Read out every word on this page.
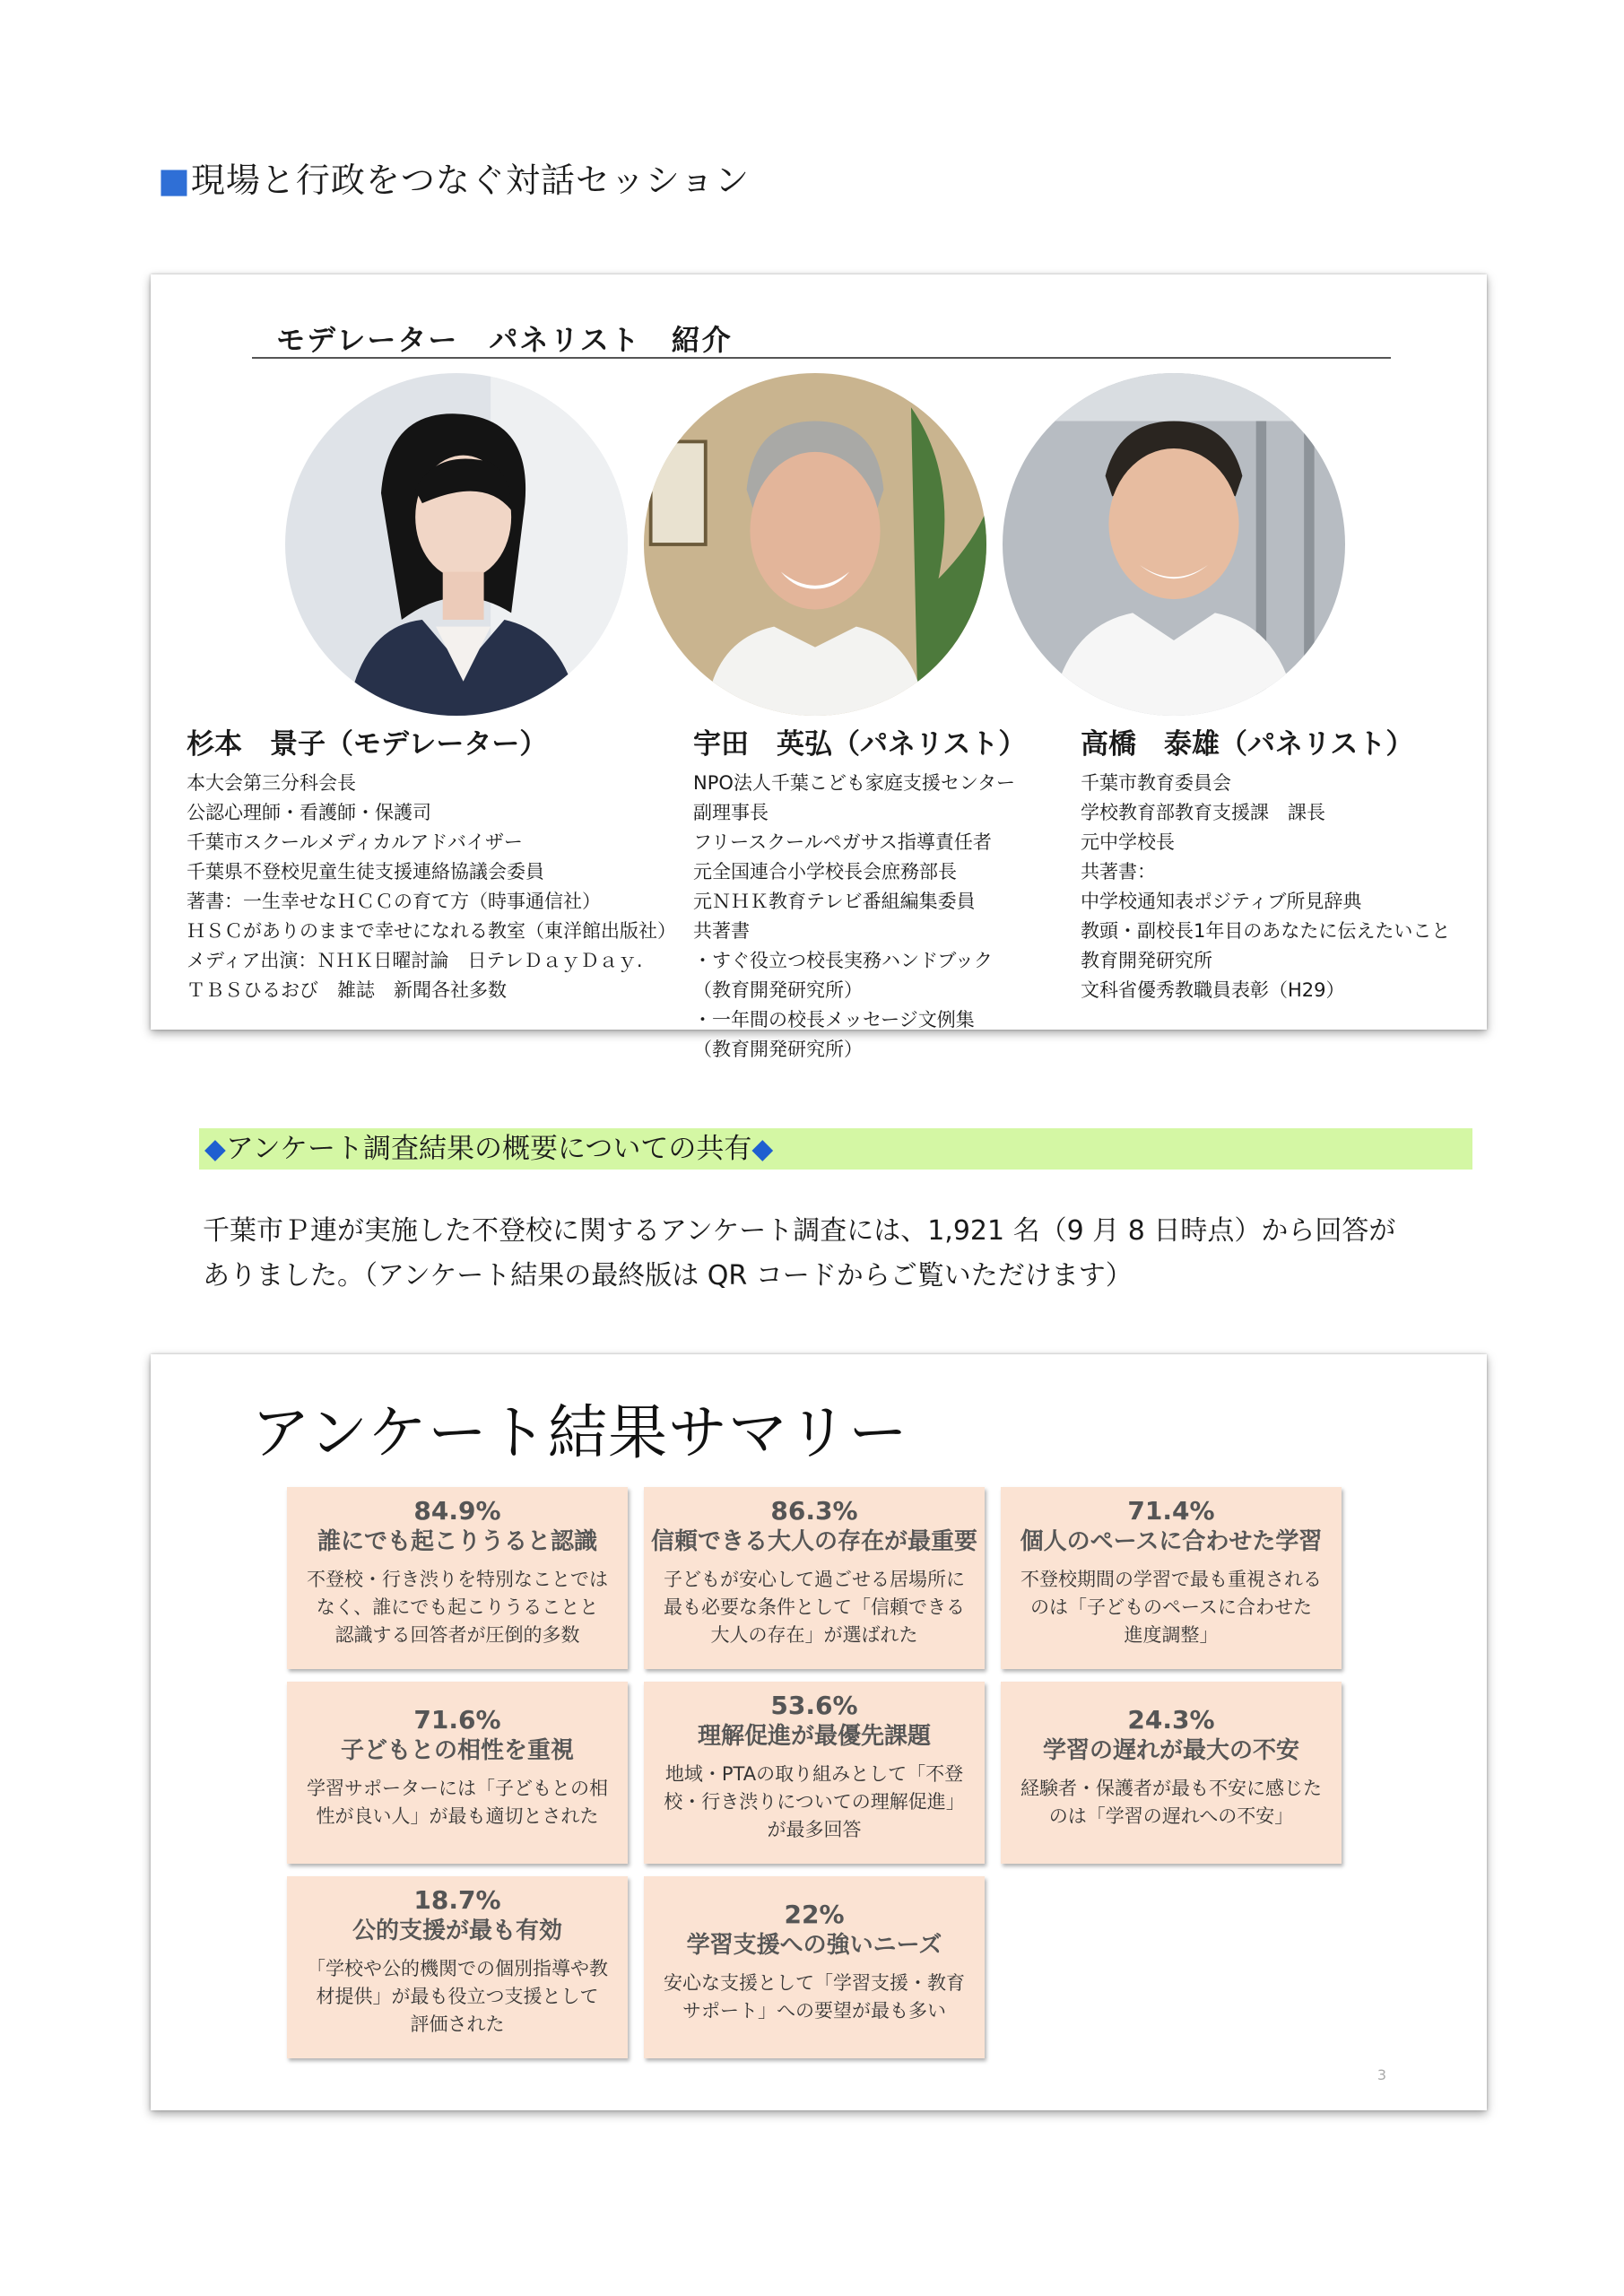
■現場と行政をつなぐ対話セッション
モデレーター　パネリスト　紹介
杉本　景子（モデレーター）
本大会第三分科会長
公認心理師・看護師・保護司
千葉市スクールメディカルアドバイザー
千葉県不登校児童生徒支援連絡協議会委員
著書：一生幸せなＨＣＣの育て方（時事通信社）
ＨＳＣがありのままで幸せになれる教室（東洋館出版社）
メディア出演：ＮＨＫ日曜討論　日テレＤａｙＤａｙ.
ＴＢＳひるおび　雑誌　新聞各社多数
宇田　英弘（パネリスト）
NPO法人千葉こども家庭支援センター
副理事長
フリースクールペガサス指導責任者
元全国連合小学校長会庶務部長
元ＮＨＫ教育テレビ番組編集委員
共著書
・すぐ役立つ校長実務ハンドブック
（教育開発研究所）
・一年間の校長メッセージ文例集
（教育開発研究所）
高橋　泰雄（パネリスト）
千葉市教育委員会
学校教育部教育支援課　課長
元中学校長
共著書：
中学校通知表ポジティブ所見辞典
教頭・副校長1年目のあなたに伝えたいこと
教育開発研究所
文科省優秀教職員表彰（H29）
◆アンケート調査結果の概要についての共有◆
千葉市Ｐ連が実施した不登校に関するアンケート調査には、1,921 名（9 月 8 日時点）から回答が
ありました。（アンケート結果の最終版は QR コードからご覧いただけます）
アンケート結果サマリー
84.9%
誰にでも起こりうると認識
不登校・行き渋りを特別なことでは
なく、誰にでも起こりうることと
認識する回答者が圧倒的多数
86.3%
信頼できる大人の存在が最重要
子どもが安心して過ごせる居場所に
最も必要な条件として「信頼できる
大人の存在」が選ばれた
71.4%
個人のペースに合わせた学習
不登校期間の学習で最も重視される
のは「子どものペースに合わせた
進度調整」
71.6%
子どもとの相性を重視
学習サポーターには「子どもとの相
性が良い人」が最も適切とされた
53.6%
理解促進が最優先課題
地域・PTAの取り組みとして「不登
校・行き渋りについての理解促進」
が最多回答
24.3%
学習の遅れが最大の不安
経験者・保護者が最も不安に感じた
のは「学習の遅れへの不安」
18.7%
公的支援が最も有効
「学校や公的機関での個別指導や教
材提供」が最も役立つ支援として
評価された
22%
学習支援への強いニーズ
安心な支援として「学習支援・教育
サポート」への要望が最も多い
3
